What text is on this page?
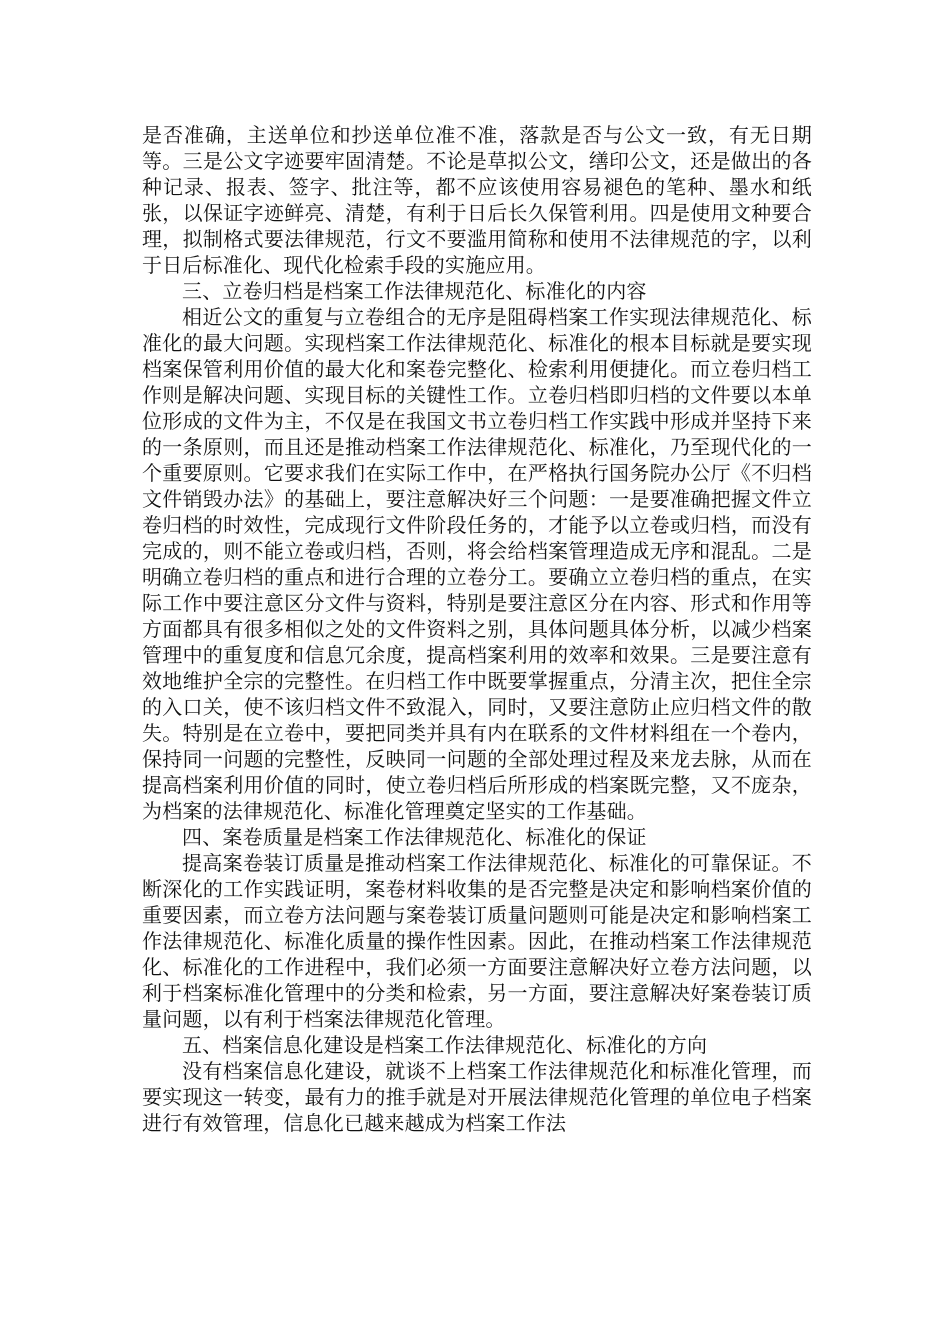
是否准确，主送单位和抄送单位准不准，落款是否与公文一致，有无日期等。三是公文字迹要牢固清楚。不论是草拟公文，缮印公文，还是做出的各种记录、报表、签字、批注等，都不应该使用容易褪色的笔种、墨水和纸张，以保证字迹鲜亮、清楚，有利于日后长久保管利用。四是使用文种要合理，拟制格式要法律规范，行文不要滥用简称和使用不法律规范的字，以利于日后标准化、现代化检索手段的实施应用。

三、立卷归档是档案工作法律规范化、标准化的内容

相近公文的重复与立卷组合的无序是阻碍档案工作实现法律规范化、标准化的最大问题。实现档案工作法律规范化、标准化的根本目标就是要实现档案保管利用价值的最大化和案卷完整化、检索利用便捷化。而立卷归档工作则是解决问题、实现目标的关键性工作。立卷归档即归档的文件要以本单位形成的文件为主，不仅是在我国文书立卷归档工作实践中形成并坚持下来的一条原则，而且还是推动档案工作法律规范化、标准化，乃至现代化的一个重要原则。它要求我们在实际工作中，在严格执行国务院办公厅《不归档文件销毁办法》的基础上，要注意解决好三个问题：一是要准确把握文件立卷归档的时效性，完成现行文件阶段任务的，才能予以立卷或归档，而没有完成的，则不能立卷或归档，否则，将会给档案管理造成无序和混乱。二是明确立卷归档的重点和进行合理的立卷分工。要确立立卷归档的重点，在实际工作中要注意区分文件与资料，特别是要注意区分在内容、形式和作用等方面都具有很多相似之处的文件资料之别，具体问题具体分析，以减少档案管理中的重复度和信息冗余度，提高档案利用的效率和效果。三是要注意有效地维护全宗的完整性。在归档工作中既要掌握重点，分清主次，把住全宗的入口关，使不该归档文件不致混入，同时，又要注意防止应归档文件的散失。特别是在立卷中，要把同类并具有内在联系的文件材料组在一个卷内，保持同一问题的完整性，反映同一问题的全部处理过程及来龙去脉，从而在提高档案利用价值的同时，使立卷归档后所形成的档案既完整，又不庞杂，为档案的法律规范化、标准化管理奠定坚实的工作基础。

四、案卷质量是档案工作法律规范化、标准化的保证

提高案卷装订质量是推动档案工作法律规范化、标准化的可靠保证。不断深化的工作实践证明，案卷材料收集的是否完整是决定和影响档案价值的重要因素，而立卷方法问题与案卷装订质量问题则可能是决定和影响档案工作法律规范化、标准化质量的操作性因素。因此，在推动档案工作法律规范化、标准化的工作进程中，我们必须一方面要注意解决好立卷方法问题，以利于档案标准化管理中的分类和检索，另一方面，要注意解决好案卷装订质量问题，以有利于档案法律规范化管理。

五、档案信息化建设是档案工作法律规范化、标准化的方向

没有档案信息化建设，就谈不上档案工作法律规范化和标准化管理，而要实现这一转变，最有力的推手就是对开展法律规范化管理的单位电子档案进行有效管理，信息化已越来越成为档案工作法
